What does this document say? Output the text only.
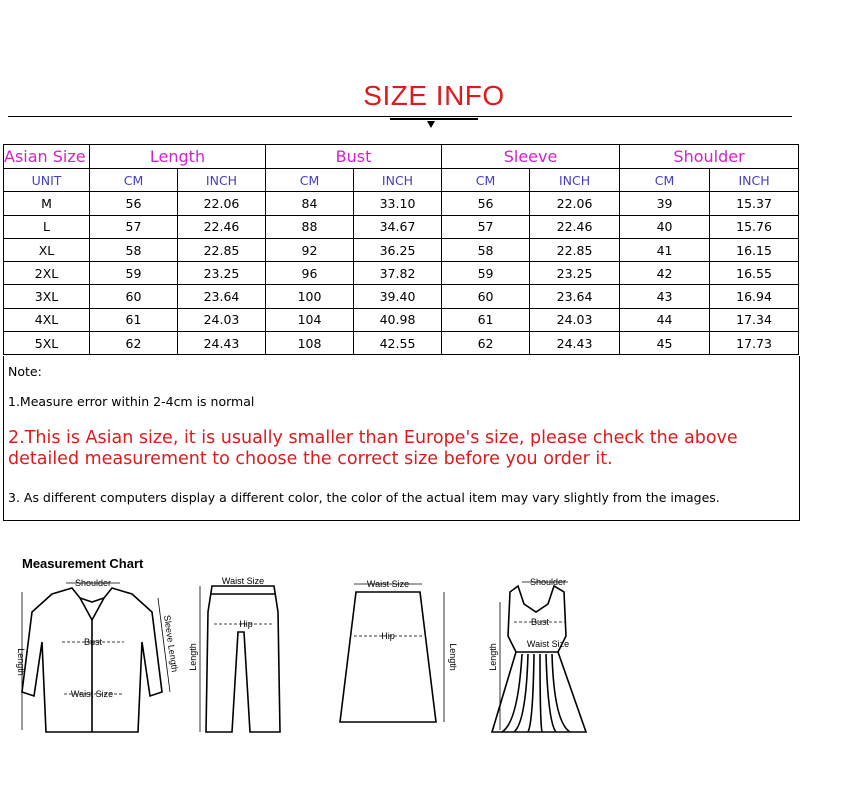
SIZE INFO
Asian Size	Length		Bust		Sleeve		Shoulder	
UNIT	CM	INCH	CM	INCH	CM	INCH	CM	INCH
M	56	22.06	84	33.10	56	22.06	39	15.37
L	57	22.46	88	34.67	57	22.46	40	15.76
XL	58	22.85	92	36.25	58	22.85	41	16.15
2XL	59	23.25	96	37.82	59	23.25	42	16.55
3XL	60	23.64	100	39.40	60	23.64	43	16.94
4XL	61	24.03	104	40.98	61	24.03	44	17.34
5XL	62	24.43	108	42.55	62	24.43	45	17.73
Note:
1.Measure error within 2-4cm is normal
2.This is Asian size, it is usually smaller than Europe's size, please check the above detailed measurement to choose the correct size before you order it.
3. As different computers display a different color, the color of the actual item may vary slightly from the images.
Measurement Chart
Shoulder
Bust
Waist Size
Length	Sleeve Length
Waist Size
Hip
Length
Waist Size
Hip
Length
Shoulder
Bust
Waist Size
Length
